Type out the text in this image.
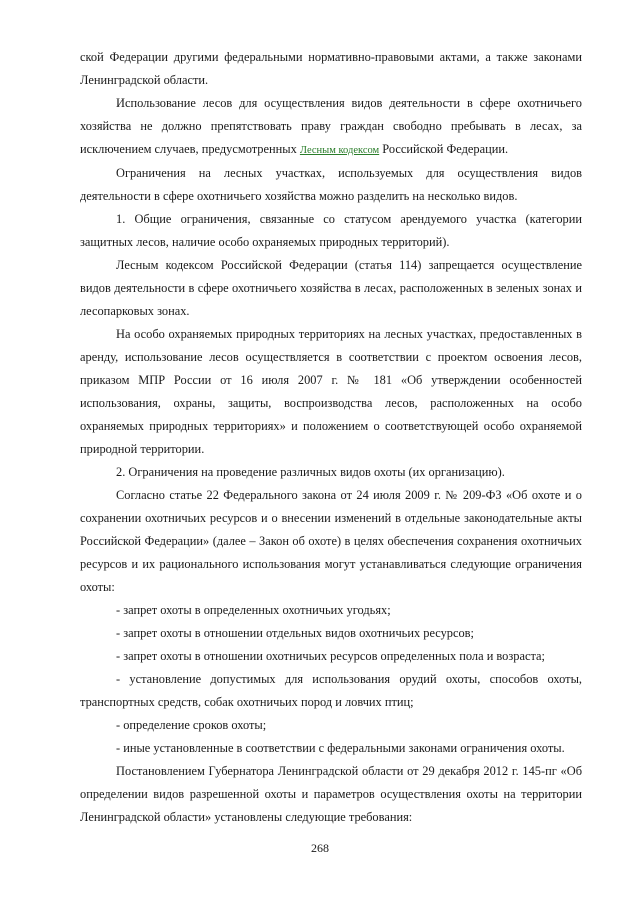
ской Федерации другими федеральными нормативно-правовыми актами, а также законами Ленинградской области.

Использование лесов для осуществления видов деятельности в сфере охотничьего хозяйства не должно препятствовать праву граждан свободно пребывать в лесах, за исключением случаев, предусмотренных Лесным кодексом Российской Федерации.

Ограничения на лесных участках, используемых для осуществления видов деятельности в сфере охотничьего хозяйства можно разделить на несколько видов.

1. Общие ограничения, связанные со статусом арендуемого участка (категории защитных лесов, наличие особо охраняемых природных территорий).

Лесным кодексом Российской Федерации (статья 114) запрещается осуществление видов деятельности в сфере охотничьего хозяйства в лесах, расположенных в зеленых зонах и лесопарковых зонах.

На особо охраняемых природных территориях на лесных участках, предоставленных в аренду, использование лесов осуществляется в соответствии с проектом освоения лесов, приказом МПР России от 16 июля 2007 г. № 181 «Об утверждении особенностей использования, охраны, защиты, воспроизводства лесов, расположенных на особо охраняемых природных территориях» и положением о соответствующей особо охраняемой природной территории.

2. Ограничения на проведение различных видов охоты (их организацию).

Согласно статье 22 Федерального закона от 24 июля 2009 г. № 209-ФЗ «Об охоте и о сохранении охотничьих ресурсов и о внесении изменений в отдельные законодательные акты Российской Федерации» (далее – Закон об охоте) в целях обеспечения сохранения охотничьих ресурсов и их рационального использования могут устанавливаться следующие ограничения охоты:

- запрет охоты в определенных охотничьих угодьях;

- запрет охоты в отношении отдельных видов охотничьих ресурсов;

- запрет охоты в отношении охотничьих ресурсов определенных пола и возраста;

- установление допустимых для использования орудий охоты, способов охоты, транспортных средств, собак охотничьих пород и ловчих птиц;

- определение сроков охоты;

- иные установленные в соответствии с федеральными законами ограничения охоты.

Постановлением Губернатора Ленинградской области от 29 декабря 2012 г. 145-пг «Об определении видов разрешенной охоты и параметров осуществления охоты на территории Ленинградской области» установлены следующие требования:

268
